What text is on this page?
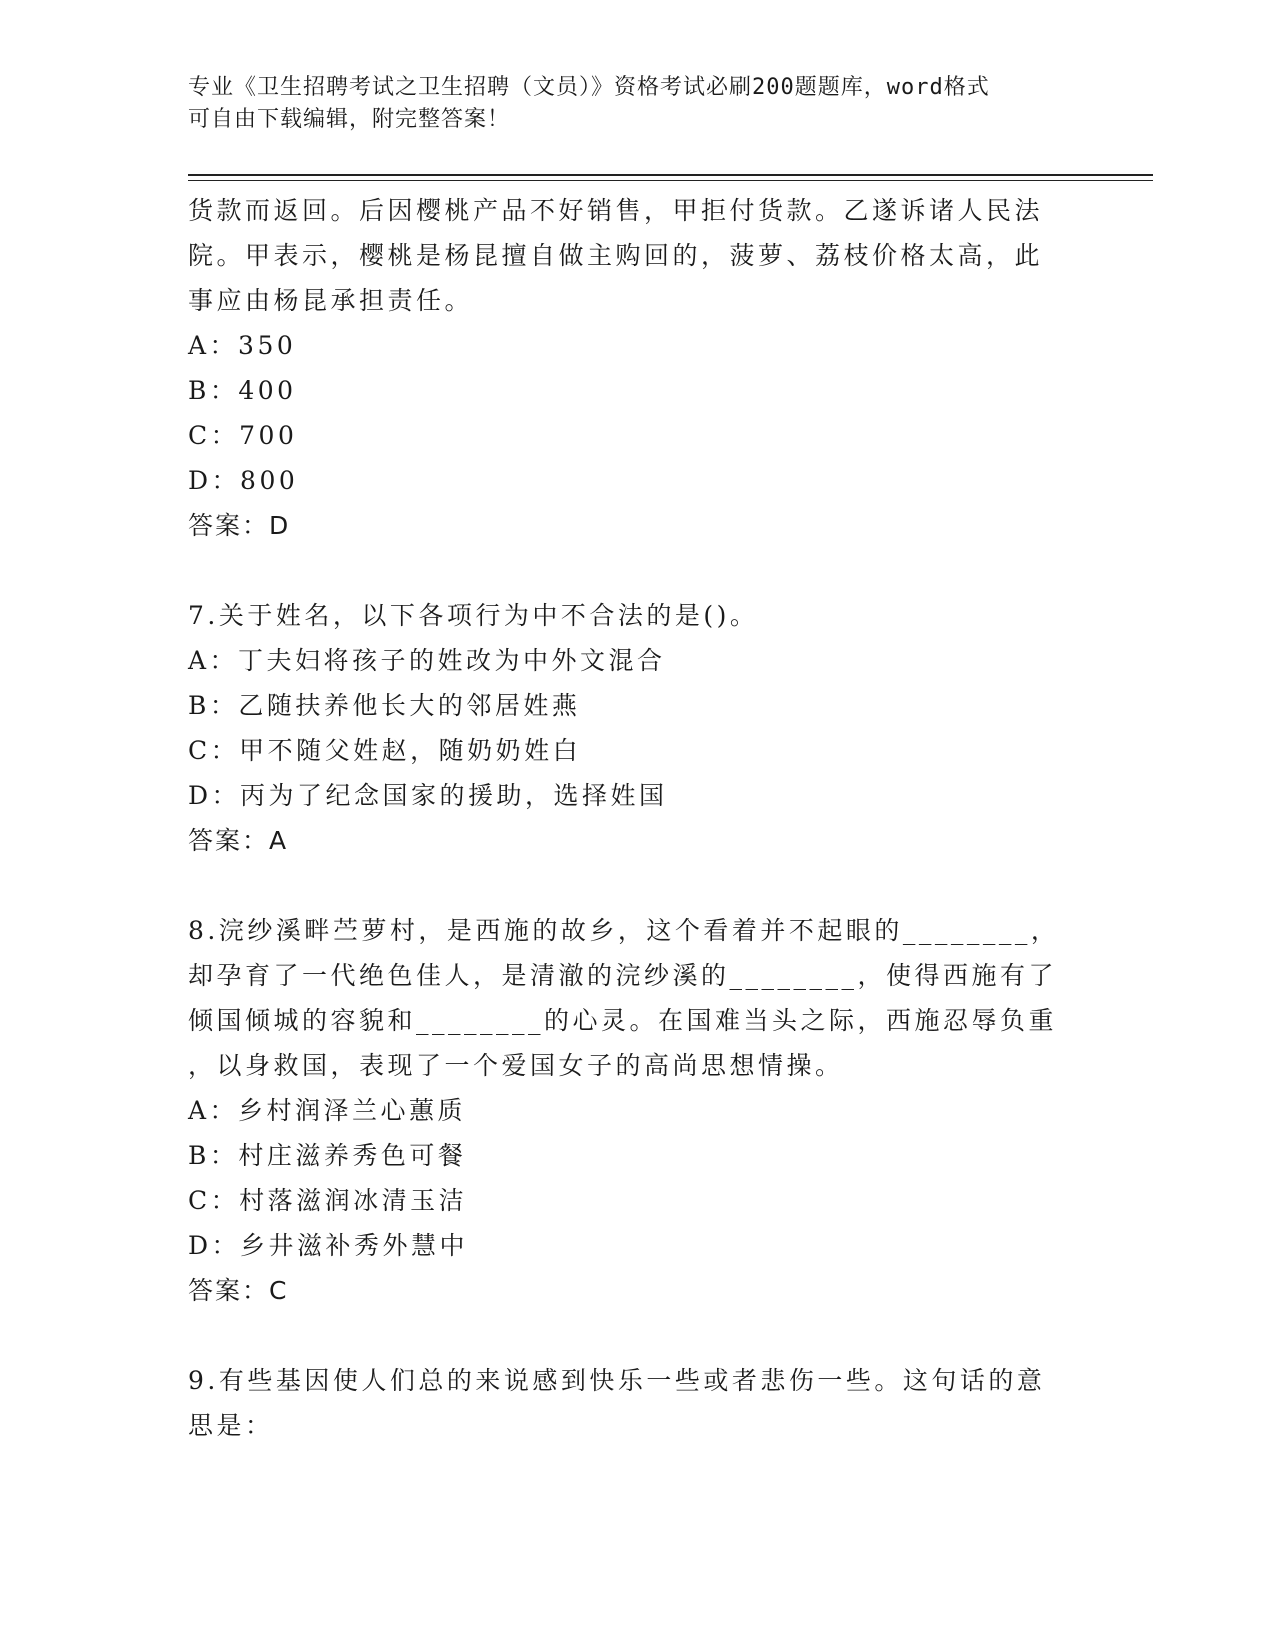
专业《卫生招聘考试之卫生招聘（文员）》资格考试必刷200题题库，word格式
可自由下载编辑，附完整答案！

货款而返回。后因樱桃产品不好销售，甲拒付货款。乙遂诉诸人民法

院。甲表示，樱桃是杨昆擅自做主购回的，菠萝、荔枝价格太高，此

事应由杨昆承担责任。

A：350

B：400

C：700

D：800

答案：D

7.关于姓名，以下各项行为中不合法的是()。

A：丁夫妇将孩子的姓改为中外文混合

B：乙随扶养他长大的邻居姓燕

C：甲不随父姓赵，随奶奶姓白

D：丙为了纪念国家的援助，选择姓国

答案：A

8.浣纱溪畔苎萝村，是西施的故乡，这个看着并不起眼的________，

却孕育了一代绝色佳人，是清澈的浣纱溪的________，使得西施有了

倾国倾城的容貌和________的心灵。在国难当头之际，西施忍辱负重

，以身救国，表现了一个爱国女子的高尚思想情操。

A：乡村润泽兰心蕙质

B：村庄滋养秀色可餐

C：村落滋润冰清玉洁

D：乡井滋补秀外慧中

答案：C

9.有些基因使人们总的来说感到快乐一些或者悲伤一些。这句话的意

思是：
